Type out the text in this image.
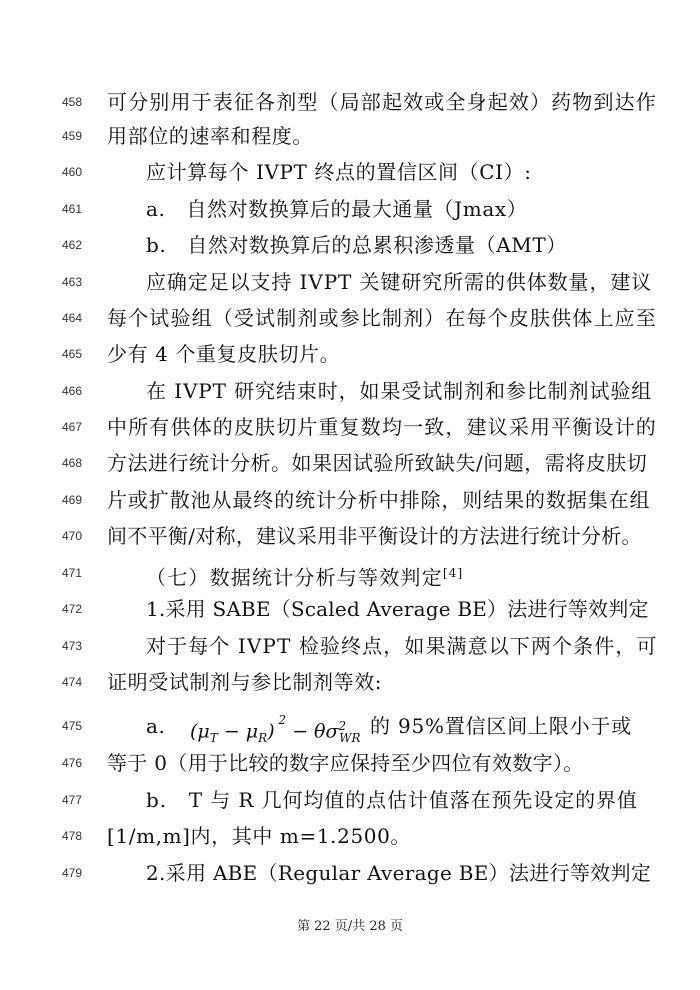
458 可分别用于表征各剂型（局部起效或全身起效）药物到达作
459 用部位的速率和程度。
460	应计算每个 IVPT 终点的置信区间（CI）:
461	a.   自然对数换算后的最大通量（Jmax）
462	b.   自然对数换算后的总累积渗透量（AMT）
463	应确定足以支持 IVPT 关键研究所需的供体数量，建议
464 每个试验组（受试制剂或参比制剂）在每个皮肤供体上应至
465 少有 4 个重复皮肤切片。
466	在 IVPT 研究结束时，如果受试制剂和参比制剂试验组
467 中所有供体的皮肤切片重复数均一致，建议采用平衡设计的
468 方法进行统计分析。如果因试验所致缺失/问题，需将皮肤切
469 片或扩散池从最终的统计分析中排除，则结果的数据集在组
470 间不平衡/对称，建议采用非平衡设计的方法进行统计分析。
471	（七）数据统计分析与等效判定[4]
472	1.采用 SABE（Scaled Average BE）法进行等效判定
473	对于每个 IVPT 检验终点，如果满意以下两个条件，可
474 证明受试制剂与参比制剂等效:
475	a. $(\mu_T - \mu_R) ^2 - \theta\sigma^2_{WR}$
的 95%置信区间上限小于或
476 等于 0（用于比较的数字应保持至少四位有效数字）。
477	b.   T 与 R 几何均值的点估计值落在预先设定的界值
478 [1/m,m]内，其中 m=1.2500。
479	2.采用 ABE（Regular Average BE）法进行等效判定
第 22 页/共 28 页
